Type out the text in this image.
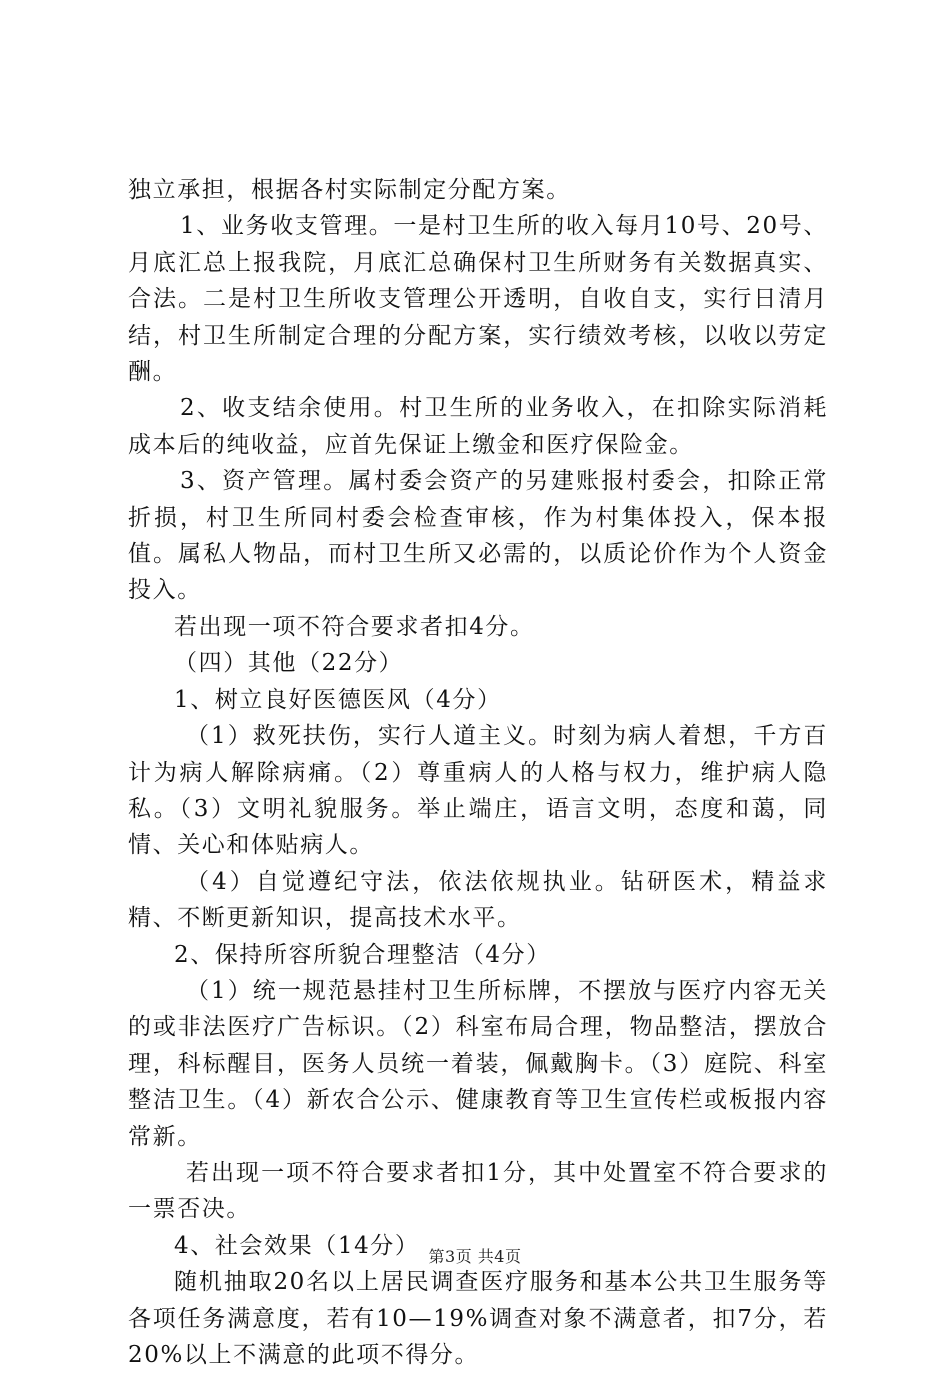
独立承担，根据各村实际制定分配方案。

1、业务收支管理。一是村卫生所的收入每月10号、20号、月底汇总上报我院，月底汇总确保村卫生所财务有关数据真实、合法。二是村卫生所收支管理公开透明，自收自支，实行日清月结，村卫生所制定合理的分配方案，实行绩效考核，以收以劳定酬。

2、收支结余使用。村卫生所的业务收入，在扣除实际消耗成本后的纯收益，应首先保证上缴金和医疗保险金。

3、资产管理。属村委会资产的另建账报村委会，扣除正常折损，村卫生所同村委会检查审核，作为村集体投入，保本报值。属私人物品，而村卫生所又必需的，以质论价作为个人资金投入。

若出现一项不符合要求者扣4分。

（四）其他（22分）

1、树立良好医德医风（4分）

（1）救死扶伤，实行人道主义。时刻为病人着想，千方百计为病人解除病痛。（2）尊重病人的人格与权力，维护病人隐私。（3）文明礼貌服务。举止端庄，语言文明，态度和蔼，同情、关心和体贴病人。

（4）自觉遵纪守法，依法依规执业。钻研医术，精益求精、不断更新知识，提高技术水平。

2、保持所容所貌合理整洁（4分）

（1）统一规范悬挂村卫生所标牌，不摆放与医疗内容无关的或非法医疗广告标识。（2）科室布局合理，物品整洁，摆放合理，科标醒目，医务人员统一着装，佩戴胸卡。（3）庭院、科室整洁卫生。（4）新农合公示、健康教育等卫生宣传栏或板报内容常新。

若出现一项不符合要求者扣1分，其中处置室不符合要求的一票否决。

4、社会效果（14分）

随机抽取20名以上居民调查医疗服务和基本公共卫生服务等各项任务满意度，若有10—19%调查对象不满意者，扣7分，若20%以上不满意的此项不得分。

第3页 共4页
